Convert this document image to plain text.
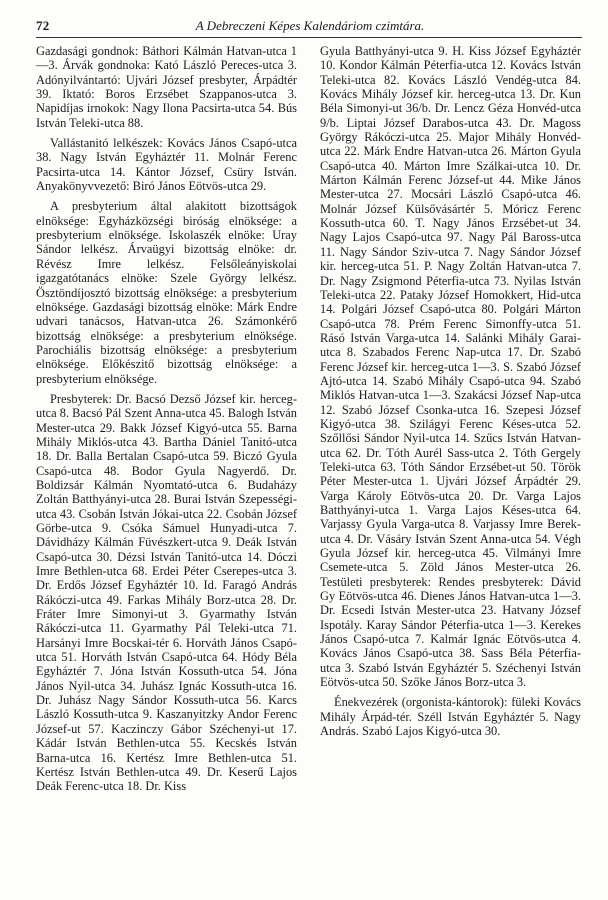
72	A Debreczeni Képes Kalendáriom czimtára.

Gazdasági gondnok: Báthori Kálmán Hatvan-utca 1—3. Árvák gondnoka: Kató László Pereces-utca 3. Adónyilvántartó: Ujvári József presbyter, Árpádtér 39. Iktató: Boros Erzsébet Szappanos-utca 3. Napidíjas irnokok: Nagy Ilona Pacsirta-utca 54. Bús István Teleki-utca 88.

Vallástanitó lelkészek: Kovács János Csapó-utca 38. Nagy István Egyháztér 11. Molnár Ferenc Pacsirta-utca 14. Kántor József, Csüry István. Anyakönyvvezető: Biró János Eötvös-utca 29.

A presbyterium által alakitott bizottságok elnöksége: Egyházközségi biróság elnöksége: a presbyterium elnöksége. Iskolaszék elnöke: Uray Sándor lelkész. Árvaügyi bizottság elnöke: dr. Révész Imre lelkész. Felsőleányiskolai igazgatótanács elnöke: Szele György lelkész. Ösztöndíjosztó bizottság elnöksége: a presbyterium elnöksége. Gazdasági bizottság elnöke: Márk Endre udvari tanácsos, Hatvan-utca 26. Számonkérő bizottság elnöksége: a presbyterium elnöksége. Parochiális bizottság elnöksége: a presbyterium elnöksége. Előkészitő bizottság elnöksége: a presbyterium elnöksége.

Presbyterek: Dr. Bacsó Dezső József kir. herceg-utca 8. Bacsó Pál Szent Anna-utca 45. Balogh István Mester-utca 29. Bakk József Kigyó-utca 55. Barna Mihály Miklós-utca 43. Bartha Dániel Tanitó-utca 18. Dr. Balla Bertalan Csapó-utca 59. Biczó Gyula Csapó-utca 48. Bodor Gyula Nagyerdő. Dr. Boldizsár Kálmán Nyomtató-utca 6. Budaházy Zoltán Batthyányi-utca 28. Burai István Szepességi-utca 43. Csobán István Jókai-utca 22. Csobán József Görbe-utca 9. Csóka Sámuel Hunyadi-utca 7. Dávidházy Kálmán Füvészkert-utca 9. Deák István Csapó-utca 30. Dézsi István Tanitó-utca 14. Dóczi Imre Bethlen-utca 68. Erdei Péter Cserepes-utca 3. Dr. Erdős József Egyháztér 10. Id. Faragó András Rákóczi-utca 49. Farkas Mihály Borz-utca 28. Dr. Fráter Imre Simonyi-ut 3. Gyarmathy István Rákóczi-utca 11. Gyarmathy Pál Teleki-utca 71. Harsányi Imre Bocskai-tér 6. Horváth János Csapó-utca 51. Horváth István Csapó-utca 64. Hódy Béla Egyháztér 7. Jóna István Kossuth-utca 54. Jóna János Nyil-utca 34. Juhász Ignác Kossuth-utca 16. Dr. Juhász Nagy Sándor Kossuth-utca 56. Karcs László Kossuth-utca 9. Kaszanyitzky Andor Ferenc József-ut 57. Kaczinczy Gábor Széchenyi-ut 17. Kádár István Bethlen-utca 55. Kecskés István Barna-utca 16. Kertész Imre Bethlen-utca 51. Kertész István Bethlen-utca 49. Dr. Keserű Lajos Deák Ferenc-utca 18. Dr. Kiss

Gyula Batthyányi-utca 9. H. Kiss József Egyháztér 10. Kondor Kálmán Péterfia-utca 12. Kovács István Teleki-utca 82. Kovács László Vendég-utca 84. Kovács Mihály József kir. herceg-utca 13. Dr. Kun Béla Simonyi-ut 36/b. Dr. Lencz Géza Honvéd-utca 9/b. Liptai József Darabos-utca 43. Dr. Magoss György Rákóczi-utca 25. Major Mihály Honvéd-utca 22. Márk Endre Hatvan-utca 26. Márton Gyula Csapó-utca 40. Márton Imre Szálkai-utca 10. Dr. Márton Kálmán Ferenc József-ut 44. Mike János Mester-utca 27. Mocsári László Csapó-utca 46. Molnár József Külsővásártér 5. Móricz Ferenc Kossuth-utca 60. T. Nagy János Erzsébet-ut 34. Nagy Lajos Csapó-utca 97. Nagy Pál Baross-utca 11. Nagy Sándor Sziv-utca 7. Nagy Sándor József kir. herceg-utca 51. P. Nagy Zoltán Hatvan-utca 7. Dr. Nagy Zsigmond Péterfia-utca 73. Nyilas István Teleki-utca 22. Pataky József Homokkert, Hid-utca 14. Polgári József Csapó-utca 80. Polgári Márton Csapó-utca 78. Prém Ferenc Simonffy-utca 51. Rásó István Varga-utca 14. Salánki Mihály Garai-utca 8. Szabados Ferenc Nap-utca 17. Dr. Szabó Ferenc József kir. herceg-utca 1—3. S. Szabó József Ajtó-utca 14. Szabó Mihály Csapó-utca 94. Szabó Miklós Hatvan-utca 1—3. Szakácsi József Nap-utca 12. Szabó József Csonka-utca 16. Szepesi József Kigyó-utca 38. Szilágyi Ferenc Késes-utca 52. Szőllősi Sándor Nyil-utca 14. Szűcs István Hatvan-utca 62. Dr. Tóth Aurél Sass-utca 2. Tóth Gergely Teleki-utca 63. Tóth Sándor Erzsébet-ut 50. Török Péter Mester-utca 1. Ujvári József Árpádtér 29. Varga Károly Eötvös-utca 20. Dr. Varga Lajos Batthyányi-utca 1. Varga Lajos Késes-utca 64. Varjassy Gyula Varga-utca 8. Varjassy Imre Berek-utca 4. Dr. Vásáry István Szent Anna-utca 54. Végh Gyula József kir. herceg-utca 45. Vilmányi Imre Csemete-utca 5. Zöld János Mester-utca 26. Testületi presbyterek: Rendes presbyterek: Dávid Gy Eötvös-utca 46. Dienes János Hatvan-utca 1—3. Dr. Ecsedi István Mester-utca 23. Hatvany József Ispotály. Karay Sándor Péterfia-utca 1—3. Kerekes János Csapó-utca 7. Kalmár Ignác Eötvös-utca 4. Kovács János Csapó-utca 38. Sass Béla Péterfia-utca 3. Szabó István Egyháztér 5. Széchenyi István Eötvös-utca 50. Szőke János Borz-utca 3.

Énekvezérek (orgonista-kántorok): füleki Kovács Mihály Árpád-tér. Széll István Egyháztér 5. Nagy András. Szabó Lajos Kigyó-utca 30.
